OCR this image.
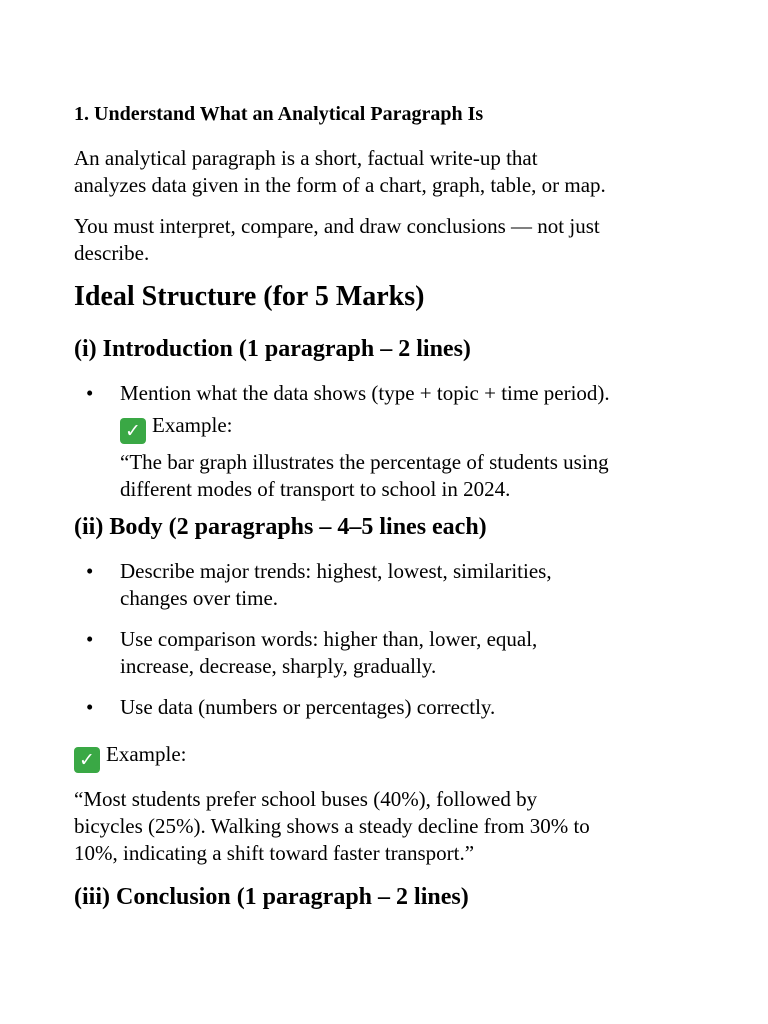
1. Understand What an Analytical Paragraph Is

An analytical paragraph is a short, factual write-up that
analyzes data given in the form of a chart, graph, table, or map.

You must interpret, compare, and draw conclusions — not just
describe.

Ideal Structure (for 5 Marks)
(i) Introduction (1 paragraph – 2 lines)
• Mention what the data shows (type + topic + time period).
✓ Example:
“The bar graph illustrates the percentage of students using
different modes of transport to school in 2024.
(ii) Body (2 paragraphs – 4–5 lines each)
• Describe major trends: highest, lowest, similarities,
changes over time.
• Use comparison words: higher than, lower, equal,
increase, decrease, sharply, gradually.
• Use data (numbers or percentages) correctly.

✓ Example:

“Most students prefer school buses (40%), followed by
bicycles (25%). Walking shows a steady decline from 30% to
10%, indicating a shift toward faster transport.”

(iii) Conclusion (1 paragraph – 2 lines)
